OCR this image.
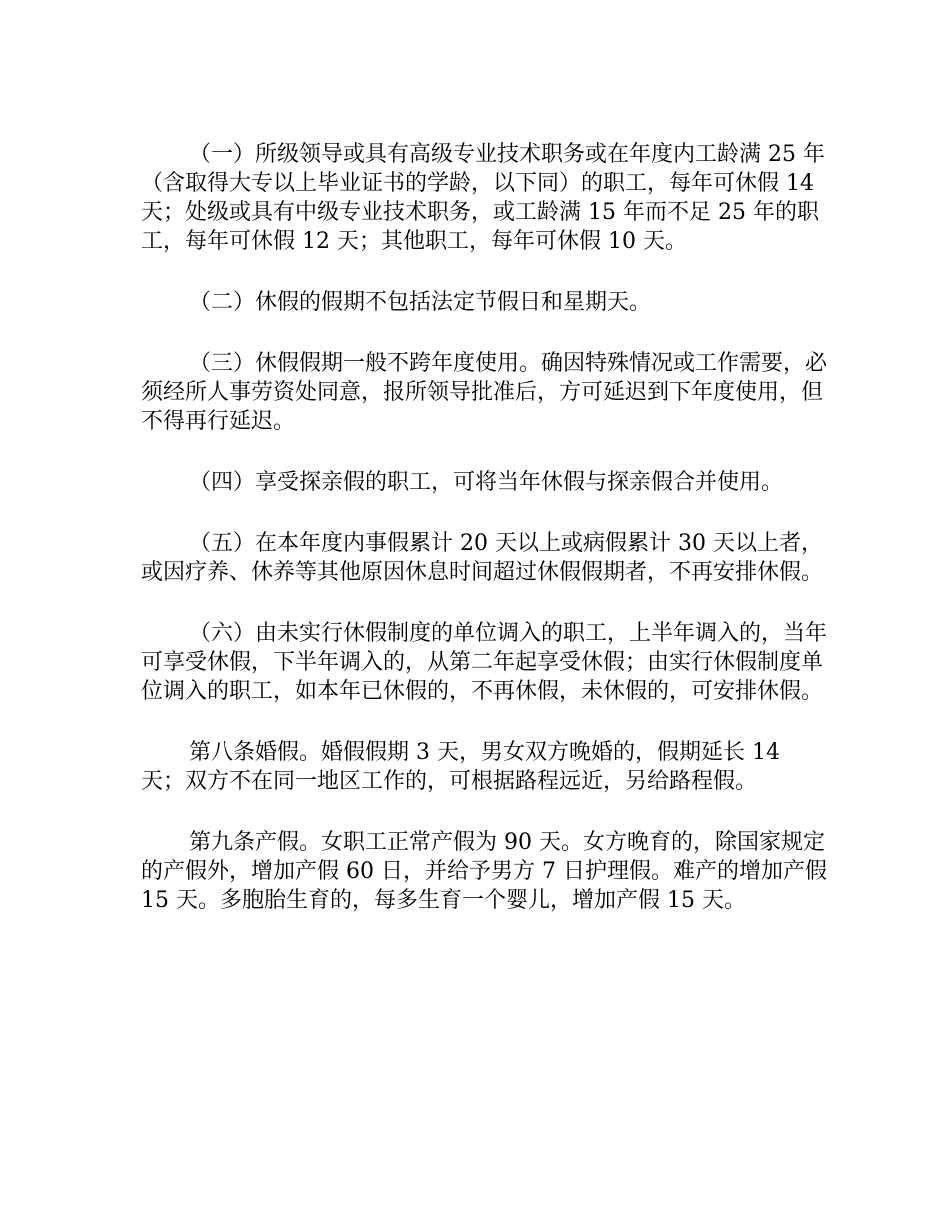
（一）所级领导或具有高级专业技术职务或在年度内工龄满 25 年（含取得大专以上毕业证书的学龄，以下同）的职工，每年可休假 14 天；处级或具有中级专业技术职务，或工龄满 15 年而不足 25 年的职工，每年可休假 12 天；其他职工，每年可休假 10 天。

（二）休假的假期不包括法定节假日和星期天。

（三）休假假期一般不跨年度使用。确因特殊情况或工作需要，必须经所人事劳资处同意，报所领导批准后，方可延迟到下年度使用，但不得再行延迟。

（四）享受探亲假的职工，可将当年休假与探亲假合并使用。

（五）在本年度内事假累计 20 天以上或病假累计 30 天以上者，或因疗养、休养等其他原因休息时间超过休假假期者，不再安排休假。

（六）由未实行休假制度的单位调入的职工，上半年调入的，当年可享受休假，下半年调入的，从第二年起享受休假；由实行休假制度单位调入的职工，如本年已休假的，不再休假，未休假的，可安排休假。

第八条婚假。婚假假期 3 天，男女双方晚婚的，假期延长 14 天；双方不在同一地区工作的，可根据路程远近，另给路程假。

第九条产假。女职工正常产假为 90 天。女方晚育的，除国家规定的产假外，增加产假 60 日，并给予男方 7 日护理假。难产的增加产假 15 天。多胞胎生育的，每多生育一个婴儿，增加产假 15 天。
